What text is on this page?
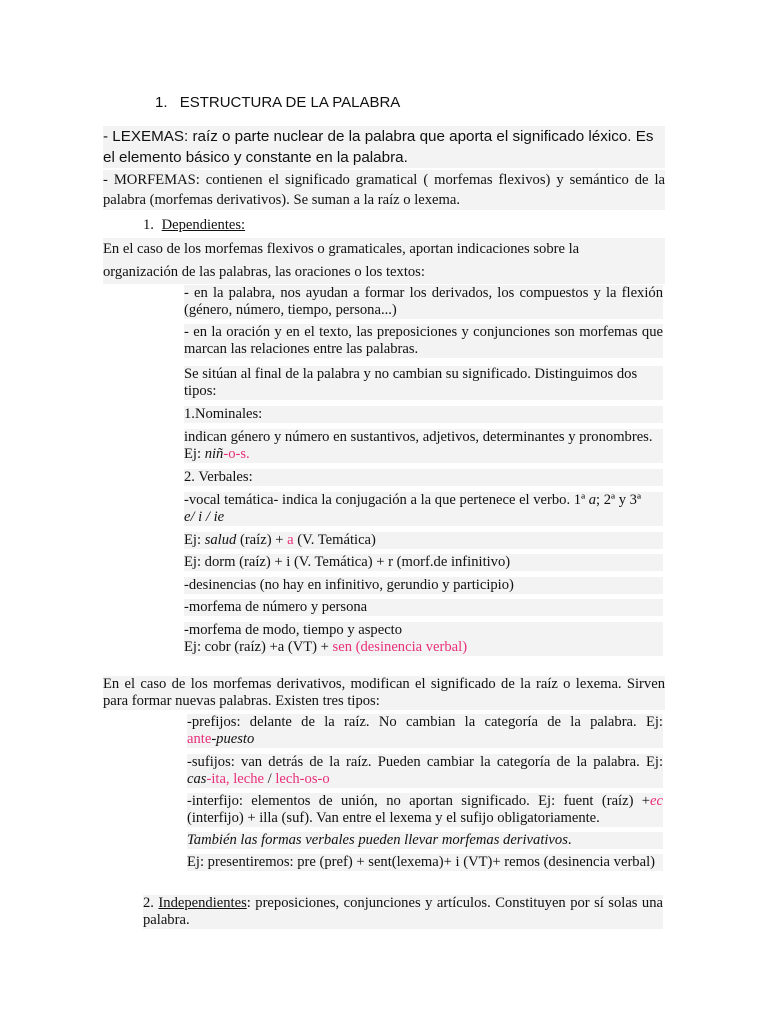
1. ESTRUCTURA DE LA PALABRA
- LEXEMAS: raíz o parte nuclear de la palabra que aporta el significado léxico. Es
el elemento básico y constante en la palabra.
- MORFEMAS: contienen el significado gramatical ( morfemas flexivos) y semántico de la palabra (morfemas derivativos). Se suman a la raíz o lexema.
1. Dependientes:
En el caso de los morfemas flexivos o gramaticales, aportan indicaciones sobre la
organización de las palabras, las oraciones o los textos:
- en la palabra, nos ayudan a formar los derivados, los compuestos y la flexión (género, número, tiempo, persona...)
- en la oración y en el texto, las preposiciones y conjunciones son morfemas que marcan las relaciones entre las palabras.
Se sitúan al final de la palabra y no cambian su significado. Distinguimos dos tipos:
1.Nominales:
indican género y número en sustantivos, adjetivos, determinantes y pronombres. Ej: niñ-o-s.
2. Verbales:
-vocal temática- indica la conjugación a la que pertenece el verbo. 1ª a; 2ª y 3ª
e/ i / ie
Ej: salud (raíz) + a (V. Temática)
Ej: dorm (raíz) + i (V. Temática) + r (morf.de infinitivo)
-desinencias (no hay en infinitivo, gerundio y participio)
-morfema de número y persona
-morfema de modo, tiempo y aspecto
Ej: cobr (raíz) +a (VT) + sen (desinencia verbal)
En el caso de los morfemas derivativos, modifican el significado de la raíz o lexema. Sirven para formar nuevas palabras. Existen tres tipos:
-prefijos: delante de la raíz. No cambian la categoría de la palabra. Ej:
ante-puesto
-sufijos: van detrás de la raíz. Pueden cambiar la categoría de la palabra. Ej:
cas-ita, leche / lech-os-o
-interfijo: elementos de unión, no aportan significado. Ej: fuent (raíz) +ec
(interfijo) + illa (suf). Van entre el lexema y el sufijo obligatoriamente.
También las formas verbales pueden llevar morfemas derivativos.
Ej: presentiremos: pre (pref) + sent(lexema)+ i (VT)+ remos (desinencia verbal)
2. Independientes: preposiciones, conjunciones y artículos. Constituyen por sí solas una palabra.
